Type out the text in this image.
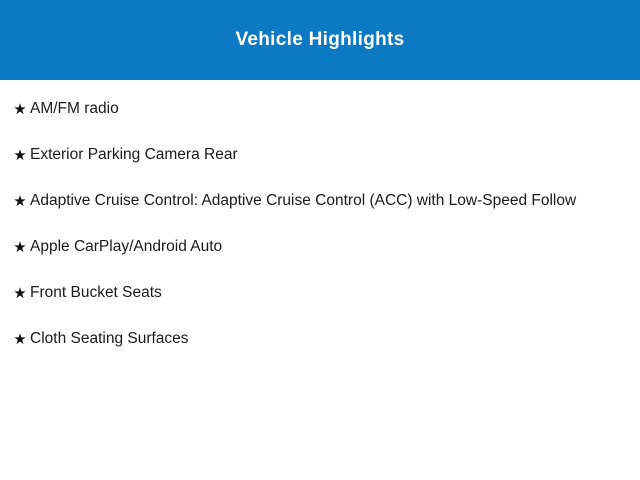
Vehicle Highlights
★ AM/FM radio
★ Exterior Parking Camera Rear
★ Adaptive Cruise Control: Adaptive Cruise Control (ACC) with Low-Speed Follow
★ Apple CarPlay/Android Auto
★ Front Bucket Seats
★ Cloth Seating Surfaces
